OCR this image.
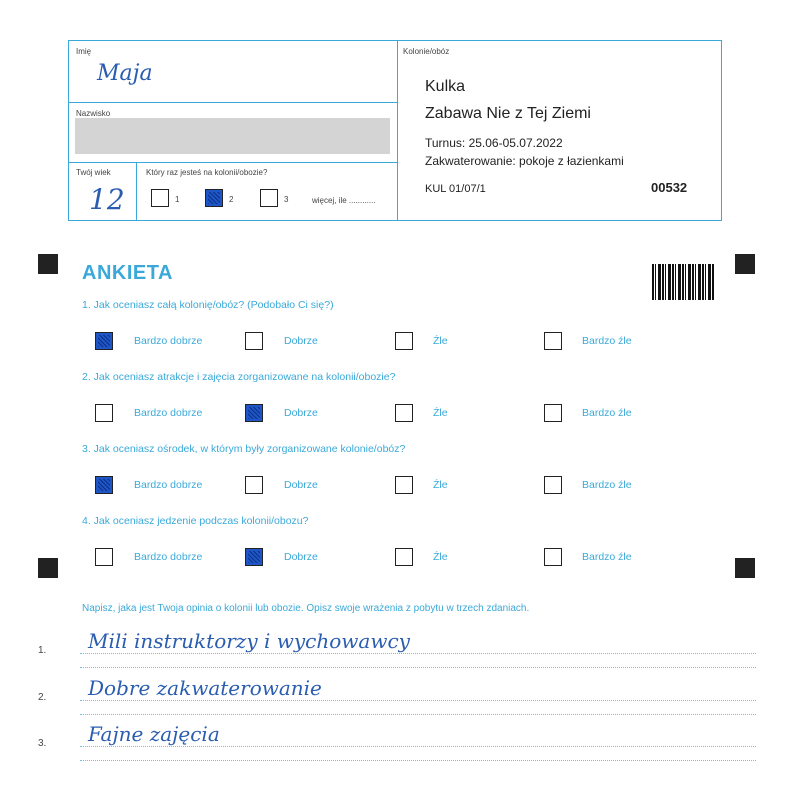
Imię
Maja
Nazwisko
Twój wiek
12
Który raz jesteś na kolonii/obozie?
1	2	3	więcej, ile ............
Kolonie/obóz
Kulka
Zabawa Nie z Tej Ziemi
Turnus: 25.06-05.07.2022
Zakwaterowanie: pokoje z łazienkami
KUL 01/07/1	00532
ANKIETA
1. Jak oceniasz całą kolonię/obóz? (Podobało Ci się?)
Bardzo dobrze	Dobrze	Źle	Bardzo źle
2. Jak oceniasz atrakcje i zajęcia zorganizowane na kolonii/obozie?
Bardzo dobrze	Dobrze	Źle	Bardzo źle
3. Jak oceniasz ośrodek, w którym były zorganizowane kolonie/obóz?
Bardzo dobrze	Dobrze	Źle	Bardzo źle
4. Jak oceniasz jedzenie podczas kolonii/obozu?
Bardzo dobrze	Dobrze	Źle	Bardzo źle
Napisz, jaka jest Twoja opinia o kolonii lub obozie. Opisz swoje wrażenia z pobytu w trzech zdaniach.
1. Mili instruktorzy i wychowawcy
2. Dobre zakwaterowanie
3. Fajne zajęcia
